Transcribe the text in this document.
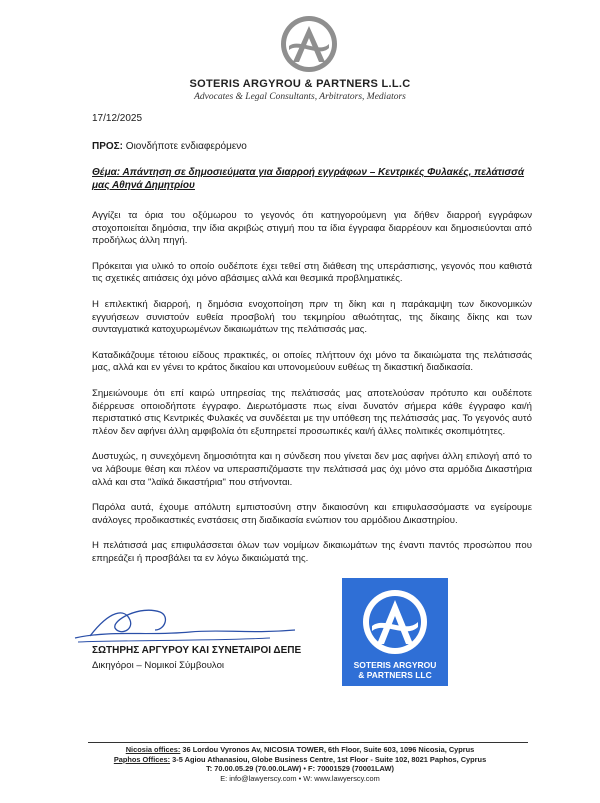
SOTERIS ARGYROU & PARTNERS L.L.C
Advocates & Legal Consultants, Arbitrators, Mediators
17/12/2025
ΠΡΟΣ: Οιονδήποτε ενδιαφερόμενο
Θέμα: Απάντηση σε δημοσιεύματα για διαρροή εγγράφων – Κεντρικές Φυλακές, πελάτισσά μας Αθηνά Δημητρίου

Αγγίζει τα όρια του οξύμωρου το γεγονός ότι κατηγορούμενη για δήθεν διαρροή εγγράφων στοχοποιείται δημόσια, την ίδια ακριβώς στιγμή που τα ίδια έγγραφα διαρρέουν και δημοσιεύονται από προδήλως άλλη πηγή.

Πρόκειται για υλικό το οποίο ουδέποτε έχει τεθεί στη διάθεση της υπεράσπισης, γεγονός που καθιστά τις σχετικές αιτιάσεις όχι μόνο αβάσιμες αλλά και θεσμικά προβληματικές.

Η επιλεκτική διαρροή, η δημόσια ενοχοποίηση πριν τη δίκη και η παράκαμψη των δικονομικών εγγυήσεων συνιστούν ευθεία προσβολή του τεκμηρίου αθωότητας, της δίκαιης δίκης και των συνταγματικά κατοχυρωμένων δικαιωμάτων της πελάτισσάς μας.

Καταδικάζουμε τέτοιου είδους πρακτικές, οι οποίες πλήττουν όχι μόνο τα δικαιώματα της πελάτισσάς μας, αλλά και εν γένει το κράτος δικαίου και υπονομεύουν ευθέως τη δικαστική διαδικασία.

Σημειώνουμε ότι επί καιρώ υπηρεσίας της πελάτισσάς μας αποτελούσαν πρότυπο και ουδέποτε διέρρευσε οποιοδήποτε έγγραφο. Διερωτόμαστε πως είναι δυνατόν σήμερα κάθε έγγραφο και/ή περιστατικό στις Κεντρικές Φυλακές να συνδέεται με την υπόθεση της πελάτισσάς μας. Το γεγονός αυτό πλέον δεν αφήνει άλλη αμφιβολία ότι εξυπηρετεί προσωπικές και/ή άλλες πολιτικές σκοπιμότητες.

Δυστυχώς, η συνεχόμενη δημοσιότητα και η σύνδεση που γίνεται δεν μας αφήνει άλλη επιλογή από το να λάβουμε θέση και πλέον να υπερασπιζόμαστε την πελάτισσά μας όχι μόνο στα αρμόδια Δικαστήρια αλλά και στα "λαϊκά δικαστήρια" που στήνονται.

Παρόλα αυτά, έχουμε απόλυτη εμπιστοσύνη στην δικαιοσύνη και επιφυλασσόμαστε να εγείρουμε ανάλογες προδικαστικές ενστάσεις στη διαδικασία ενώπιον του αρμόδιου Δικαστηρίου.

Η πελάτισσά μας επιφυλάσσεται όλων των νομίμων δικαιωμάτων της έναντι παντός προσώπου που επηρεάζει ή προσβάλει τα εν λόγω δικαιώματά της.

ΣΩΤΗΡΗΣ ΑΡΓΥΡΟΥ ΚΑΙ ΣΥΝΕΤΑΙΡΟΙ ΔΕΠΕ
Δικηγόροι – Νομικοί Σύμβουλοι	SOTERIS ARGYROU
& PARTNERS LLC
Nicosia offices: 36 Lordou Vyronos Av, NICOSIA TOWER, 6th Floor, Suite 603, 1096 Nicosia, Cyprus
Paphos Offices: 3-5 Agiou Athanasiou, Globe Business Centre, 1st Floor - Suite 102, 8021 Paphos, Cyprus
T: 70.00.05.29 (70.00.0LAW) • F: 70001529 (70001LAW)
E: info@lawyerscy.com • W: www.lawyerscy.com
